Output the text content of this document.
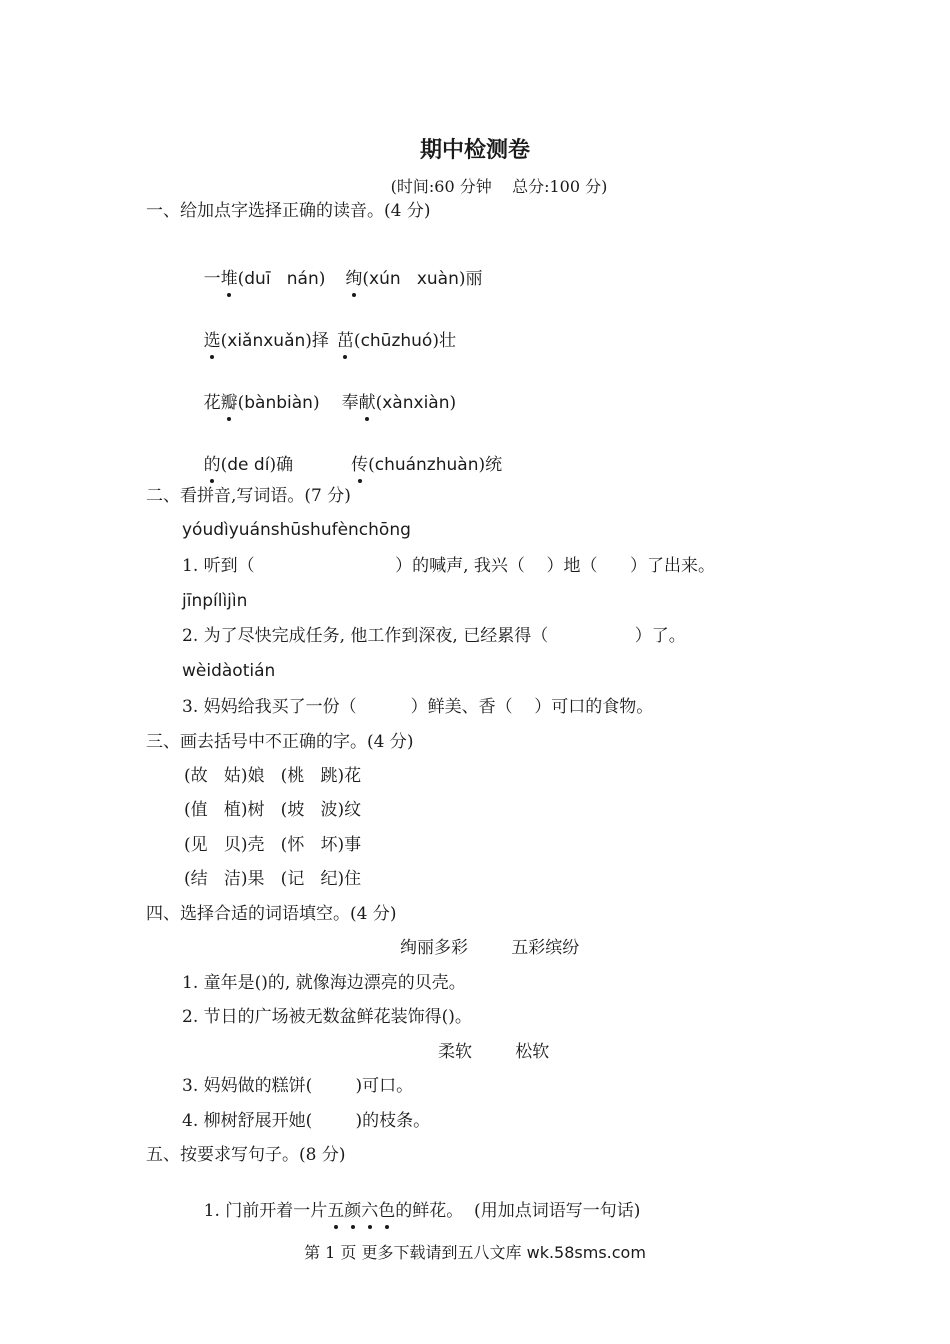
期中检测卷
(时间:60 分钟    总分:100 分)
一、给加点字选择正确的读音。(4 分)

一堆(duī   nán) 绚(xún   xuàn)丽

选(xiǎnxuǎn)择 茁(chūzhuó)壮

花瓣(bànbiàn) 奉献(xànxiàn)

的(de dí)确	传(chuánzhuàn)统

二、看拼音,写词语。(7 分)
yóudìyuánshūshufènchōng
1. 听到（                          ）的喊声, 我兴（    ）地（      ）了出来。
jīnpílìjìn
2. 为了尽快完成任务, 他工作到深夜, 已经累得（                ）了。
wèidàotián
3. 妈妈给我买了一份（          ）鲜美、香（    ）可口的食物。
三、画去括号中不正确的字。(4 分)
(故   姑)娘   (桃   跳)花
(值   植)树   (坡   波)纹
(见   贝)壳   (怀   坏)事
(结   洁)果   (记   纪)住
四、选择合适的词语填空。(4 分)
绚丽多彩        五彩缤纷
1. 童年是()的, 就像海边漂亮的贝壳。
2. 节日的广场被无数盆鲜花装饰得()。
柔软        松软
3. 妈妈做的糕饼(        )可口。
4. 柳树舒展开她(        )的枝条。
五、按要求写句子。(8 分)

1. 门前开着一片五颜六色的鲜花。  (用加点词语写一句话)

第 1 页 更多下载请到五八文库 wk.58sms.com
